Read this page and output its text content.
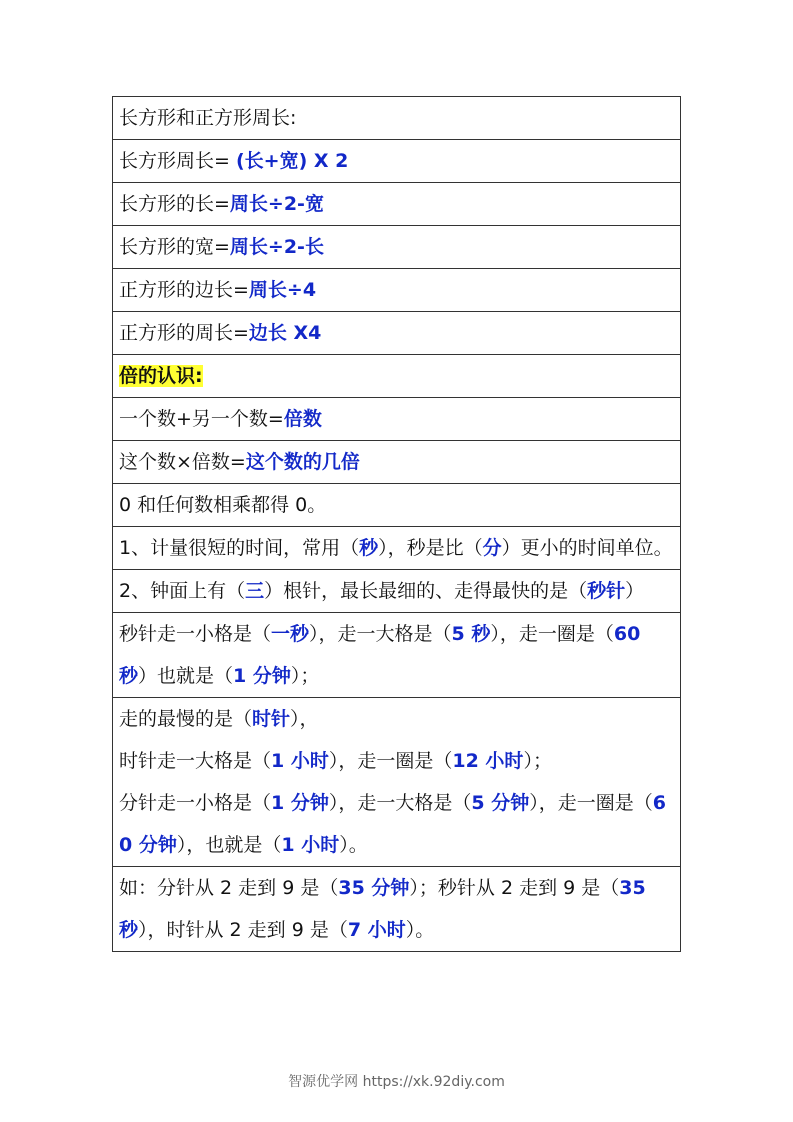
长方形和正方形周长:
长方形周长= (长+宽) X 2
长方形的长=周长÷2-宽
长方形的宽=周长÷2-长
正方形的边长=周长÷4
正方形的周长=边长 X4
倍的认识:
一个数+另一个数=倍数
这个数×倍数=这个数的几倍
0 和任何数相乘都得 0。
1、计量很短的时间，常用（秒），秒是比（分）更小的时间单位。
2、钟面上有（三）根针，最长最细的、走得最快的是（秒针）
秒针走一小格是（一秒），走一大格是（5 秒），走一圈是（60 秒）也就是（1 分钟）；
走的最慢的是（时针），
时针走一大格是（1 小时），走一圈是（12 小时）；
分针走一小格是（1 分钟），走一大格是（5 分钟），走一圈是（60 分钟），也就是（1 小时）。
如：分针从 2 走到 9 是（35 分钟）；秒针从 2 走到 9 是（35 秒），时针从 2 走到 9 是（7 小时）。
智源优学网 https://xk.92diy.com
